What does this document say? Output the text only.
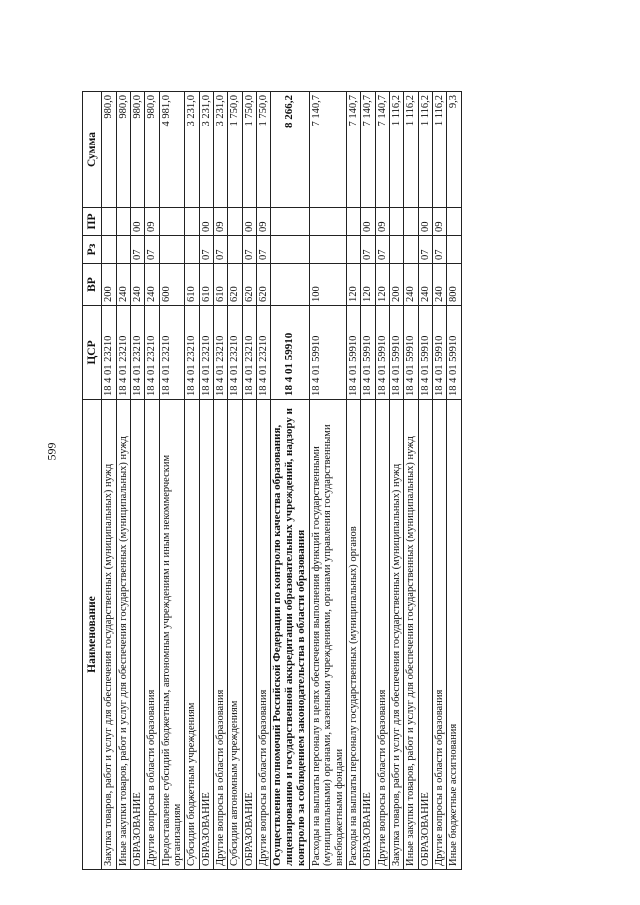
599
Наименование	ЦСР	ВР	Рз	ПР	Сумма
Закупка товаров, работ и услуг для обеспечения государственных (муниципальных) нужд	18 4 01 23210	200			980,0
Иные закупки товаров, работ и услуг для обеспечения государственных (муниципальных) нужд	18 4 01 23210	240			980,0
ОБРАЗОВАНИЕ	18 4 01 23210	240	07	00	980,0
Другие вопросы в области образования	18 4 01 23210	240	07	09	980,0
Предоставление субсидий бюджетным, автономным учреждениям и иным некоммерческим организациям	18 4 01 23210	600			4 981,0
Субсидии бюджетным учреждениям	18 4 01 23210	610			3 231,0
ОБРАЗОВАНИЕ	18 4 01 23210	610	07	00	3 231,0
Другие вопросы в области образования	18 4 01 23210	610	07	09	3 231,0
Субсидии автономным учреждениям	18 4 01 23210	620			1 750,0
ОБРАЗОВАНИЕ	18 4 01 23210	620	07	00	1 750,0
Другие вопросы в области образования	18 4 01 23210	620	07	09	1 750,0
Осуществление полномочий Российской Федерации по контролю качества образования, лицензированию и государственной аккредитации образовательных учреждений, надзору и контролю за соблюдением законодательства в области образования	18 4 01 59910				8 266,2
Расходы на выплаты персоналу в целях обеспечения выполнения функций государственными (муниципальными) органами, казенными учреждениями, органами управления государственными внебюджетными фондами	18 4 01 59910	100			7 140,7
Расходы на выплаты персоналу государственных (муниципальных) органов	18 4 01 59910	120			7 140,7
ОБРАЗОВАНИЕ	18 4 01 59910	120	07	00	7 140,7
Другие вопросы в области образования	18 4 01 59910	120	07	09	7 140,7
Закупка товаров, работ и услуг для обеспечения государственных (муниципальных) нужд	18 4 01 59910	200			1 116,2
Иные закупки товаров, работ и услуг для обеспечения государственных (муниципальных) нужд	18 4 01 59910	240			1 116,2
ОБРАЗОВАНИЕ	18 4 01 59910	240	07	00	1 116,2
Другие вопросы в области образования	18 4 01 59910	240	07	09	1 116,2
Иные бюджетные ассигнования	18 4 01 59910	800			9,3
